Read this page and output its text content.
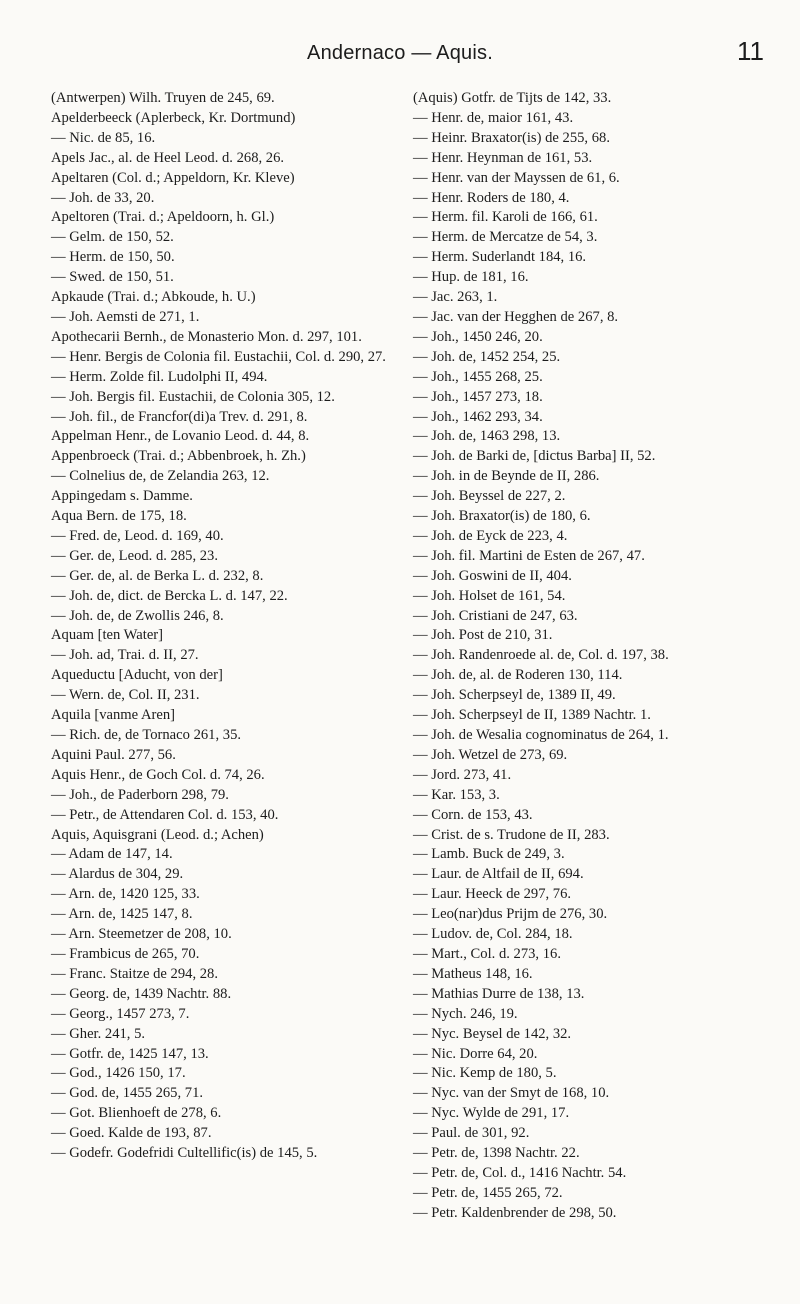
Andernaco — Aquis.	11
(Antwerpen) Wilh. Truyen de 245, 69.
Apelderbeeck (Aplerbeck, Kr. Dortmund)
— Nic. de 85, 16.
Apels Jac., al. de Heel Leod. d. 268, 26.
Apeltaren (Col. d.; Appeldorn, Kr. Kleve)
— Joh. de 33, 20.
Apeltoren (Trai. d.; Apeldoorn, h. Gl.)
— Gelm. de 150, 52.
— Herm. de 150, 50.
— Swed. de 150, 51.
Apkaude (Trai. d.; Abkoude, h. U.)
— Joh. Aemsti de 271, 1.
Apothecarii Bernh., de Monasterio Mon. d. 297, 101.
— Henr. Bergis de Colonia fil. Eustachii, Col. d. 290, 27.
— Herm. Zolde fil. Ludolphi II, 494.
— Joh. Bergis fil. Eustachii, de Colonia 305, 12.
— Joh. fil., de Francfor(di)a Trev. d. 291, 8.
Appelman Henr., de Lovanio Leod. d. 44, 8.
Appenbroeck (Trai. d.; Abbenbroek, h. Zh.)
— Colnelius de, de Zelandia 263, 12.
Appingedam s. Damme.
Aqua Bern. de 175, 18.
— Fred. de, Leod. d. 169, 40.
— Ger. de, Leod. d. 285, 23.
— Ger. de, al. de Berka L. d. 232, 8.
— Joh. de, dict. de Bercka L. d. 147, 22.
— Joh. de, de Zwollis 246, 8.
Aquam [ten Water]
— Joh. ad, Trai. d. II, 27.
Aqueductu [Aducht, von der]
— Wern. de, Col. II, 231.
Aquila [vanme Aren]
— Rich. de, de Tornaco 261, 35.
Aquini Paul. 277, 56.
Aquis Henr., de Goch Col. d. 74, 26.
— Joh., de Paderborn 298, 79.
— Petr., de Attendaren Col. d. 153, 40.
Aquis, Aquisgrani (Leod. d.; Achen)
— Adam de 147, 14.
— Alardus de 304, 29.
— Arn. de, 1420 125, 33.
— Arn. de, 1425 147, 8.
— Arn. Steemetzer de 208, 10.
— Frambicus de 265, 70.
— Franc. Staitze de 294, 28.
— Georg. de, 1439 Nachtr. 88.
— Georg., 1457 273, 7.
— Gher. 241, 5.
— Gotfr. de, 1425 147, 13.
— God., 1426 150, 17.
— God. de, 1455 265, 71.
— Got. Blienhoeft de 278, 6.
— Goed. Kalde de 193, 87.
— Godefr. Godefridi Cultellific(is) de 145, 5.
(Aquis) Gotfr. de Tijts de 142, 33.
— Henr. de, maior 161, 43.
— Heinr. Braxator(is) de 255, 68.
— Henr. Heynman de 161, 53.
— Henr. van der Mayssen de 61, 6.
— Henr. Roders de 180, 4.
— Herm. fil. Karoli de 166, 61.
— Herm. de Mercatze de 54, 3.
— Herm. Suderlandt 184, 16.
— Hup. de 181, 16.
— Jac. 263, 1.
— Jac. van der Hegghen de 267, 8.
— Joh., 1450 246, 20.
— Joh. de, 1452 254, 25.
— Joh., 1455 268, 25.
— Joh., 1457 273, 18.
— Joh., 1462 293, 34.
— Joh. de, 1463 298, 13.
— Joh. de Barki de, [dictus Barba] II, 52.
— Joh. in de Beynde de II, 286.
— Joh. Beyssel de 227, 2.
— Joh. Braxator(is) de 180, 6.
— Joh. de Eyck de 223, 4.
— Joh. fil. Martini de Esten de 267, 47.
— Joh. Goswini de II, 404.
— Joh. Holset de 161, 54.
— Joh. Cristiani de 247, 63.
— Joh. Post de 210, 31.
— Joh. Randenroede al. de, Col. d. 197, 38.
— Joh. de, al. de Roderen 130, 114.
— Joh. Scherpseyl de, 1389 II, 49.
— Joh. Scherpseyl de II, 1389 Nachtr. 1.
— Joh. de Wesalia cognominatus de 264, 1.
— Joh. Wetzel de 273, 69.
— Jord. 273, 41.
— Kar. 153, 3.
— Corn. de 153, 43.
— Crist. de s. Trudone de II, 283.
— Lamb. Buck de 249, 3.
— Laur. de Altfail de II, 694.
— Laur. Heeck de 297, 76.
— Leo(nar)dus Prijm de 276, 30.
— Ludov. de, Col. 284, 18.
— Mart., Col. d. 273, 16.
— Matheus 148, 16.
— Mathias Durre de 138, 13.
— Nych. 246, 19.
— Nyc. Beysel de 142, 32.
— Nic. Dorre 64, 20.
— Nic. Kemp de 180, 5.
— Nyc. van der Smyt de 168, 10.
— Nyc. Wylde de 291, 17.
— Paul. de 301, 92.
— Petr. de, 1398 Nachtr. 22.
— Petr. de, Col. d., 1416 Nachtr. 54.
— Petr. de, 1455 265, 72.
— Petr. Kaldenbrender de 298, 50.
